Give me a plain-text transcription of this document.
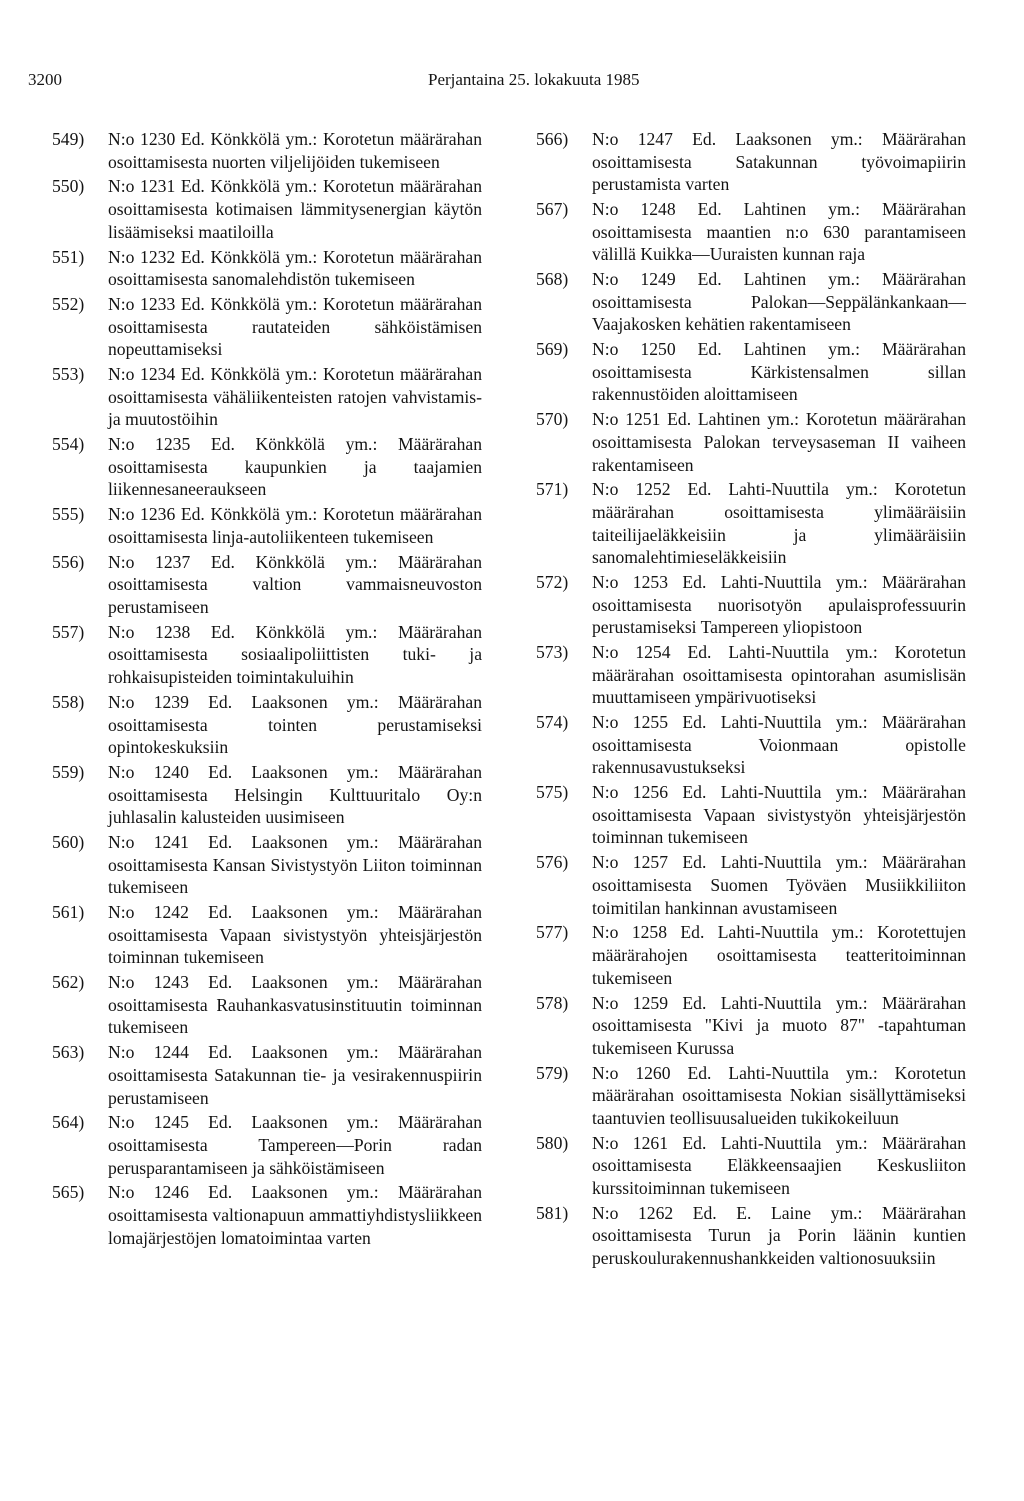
3200	Perjantaina 25. lokakuuta 1985
549) N:o 1230 Ed. Könkkölä ym.: Korotetun määrärahan osoittamisesta nuorten viljelijöiden tukemiseen
550) N:o 1231 Ed. Könkkölä ym.: Korotetun määrärahan osoittamisesta kotimaisen lämmitysenergian käytön lisäämiseksi maatiloilla
551) N:o 1232 Ed. Könkkölä ym.: Korotetun määrärahan osoittamisesta sanomalehdistön tukemiseen
552) N:o 1233 Ed. Könkkölä ym.: Korotetun määrärahan osoittamisesta rautateiden sähköistämisen nopeuttamiseksi
553) N:o 1234 Ed. Könkkölä ym.: Korotetun määrärahan osoittamisesta vähäliikenteisten ratojen vahvistamis- ja muutostöihin
554) N:o 1235 Ed. Könkkölä ym.: Määrärahan osoittamisesta kaupunkien ja taajamien liikennesaneeraukseen
555) N:o 1236 Ed. Könkkölä ym.: Korotetun määrärahan osoittamisesta linja-autoliikenteen tukemiseen
556) N:o 1237 Ed. Könkkölä ym.: Määrärahan osoittamisesta valtion vammaisneuvoston perustamiseen
557) N:o 1238 Ed. Könkkölä ym.: Määrärahan osoittamisesta sosiaalipoliittisten tuki- ja rohkaisupisteiden toimintakuluihin
558) N:o 1239 Ed. Laaksonen ym.: Määrärahan osoittamisesta tointen perustamiseksi opintokeskuksiin
559) N:o 1240 Ed. Laaksonen ym.: Määrärahan osoittamisesta Helsingin Kulttuuritalo Oy:n juhlasalin kalusteiden uusimiseen
560) N:o 1241 Ed. Laaksonen ym.: Määrärahan osoittamisesta Kansan Sivistystyön Liiton toiminnan tukemiseen
561) N:o 1242 Ed. Laaksonen ym.: Määrärahan osoittamisesta Vapaan sivistystyön yhteisjärjestön toiminnan tukemiseen
562) N:o 1243 Ed. Laaksonen ym.: Määrärahan osoittamisesta Rauhankasvatusinstituutin toiminnan tukemiseen
563) N:o 1244 Ed. Laaksonen ym.: Määrärahan osoittamisesta Satakunnan tie- ja vesirakennuspiirin perustamiseen
564) N:o 1245 Ed. Laaksonen ym.: Määrärahan osoittamisesta Tampereen—Porin radan perusparantamiseen ja sähköistämiseen
565) N:o 1246 Ed. Laaksonen ym.: Määrärahan osoittamisesta valtionapuun ammattiyhdistysliikkeen lomajärjestöjen lomatoimintaa varten
566) N:o 1247 Ed. Laaksonen ym.: Määrärahan osoittamisesta Satakunnan työvoimapiirin perustamista varten
567) N:o 1248 Ed. Lahtinen ym.: Määrärahan osoittamisesta maantien n:o 630 parantamiseen välillä Kuikka—Uuraisten kunnan raja
568) N:o 1249 Ed. Lahtinen ym.: Määrärahan osoittamisesta Palokan—Seppälänkankaan—Vaajakosken kehätien rakentamiseen
569) N:o 1250 Ed. Lahtinen ym.: Määrärahan osoittamisesta Kärkistensalmen sillan rakennustöiden aloittamiseen
570) N:o 1251 Ed. Lahtinen ym.: Korotetun määrärahan osoittamisesta Palokan terveysaseman II vaiheen rakentamiseen
571) N:o 1252 Ed. Lahti-Nuuttila ym.: Korotetun määrärahan osoittamisesta ylimääräisiin taiteilijaeläkkeisiin ja ylimääräisiin sanomalehtimieseläkkeisiin
572) N:o 1253 Ed. Lahti-Nuuttila ym.: Määrärahan osoittamisesta nuorisotyön apulaisprofessuurin perustamiseksi Tampereen yliopistoon
573) N:o 1254 Ed. Lahti-Nuuttila ym.: Korotetun määrärahan osoittamisesta opintorahan asumislisän muuttamiseen ympärivuotiseksi
574) N:o 1255 Ed. Lahti-Nuuttila ym.: Määrärahan osoittamisesta Voionmaan opistolle rakennusavustukseksi
575) N:o 1256 Ed. Lahti-Nuuttila ym.: Määrärahan osoittamisesta Vapaan sivistystyön yhteisjärjestön toiminnan tukemiseen
576) N:o 1257 Ed. Lahti-Nuuttila ym.: Määrärahan osoittamisesta Suomen Työväen Musiikkiliiton toimitilan hankinnan avustamiseen
577) N:o 1258 Ed. Lahti-Nuuttila ym.: Korotettujen määrärahojen osoittamisesta teatteritoiminnan tukemiseen
578) N:o 1259 Ed. Lahti-Nuuttila ym.: Määrärahan osoittamisesta "Kivi ja muoto 87" -tapahtuman tukemiseen Kurussa
579) N:o 1260 Ed. Lahti-Nuuttila ym.: Korotetun määrärahan osoittamisesta Nokian sisällyttämiseksi taantuvien teollisuusalueiden tukikokeiluun
580) N:o 1261 Ed. Lahti-Nuuttila ym.: Määrärahan osoittamisesta Eläkkeensaajien Keskusliiton kurssitoiminnan tukemiseen
581) N:o 1262 Ed. E. Laine ym.: Määrärahan osoittamisesta Turun ja Porin läänin kuntien peruskoulurakennushankkeiden valtionosuuksiin
